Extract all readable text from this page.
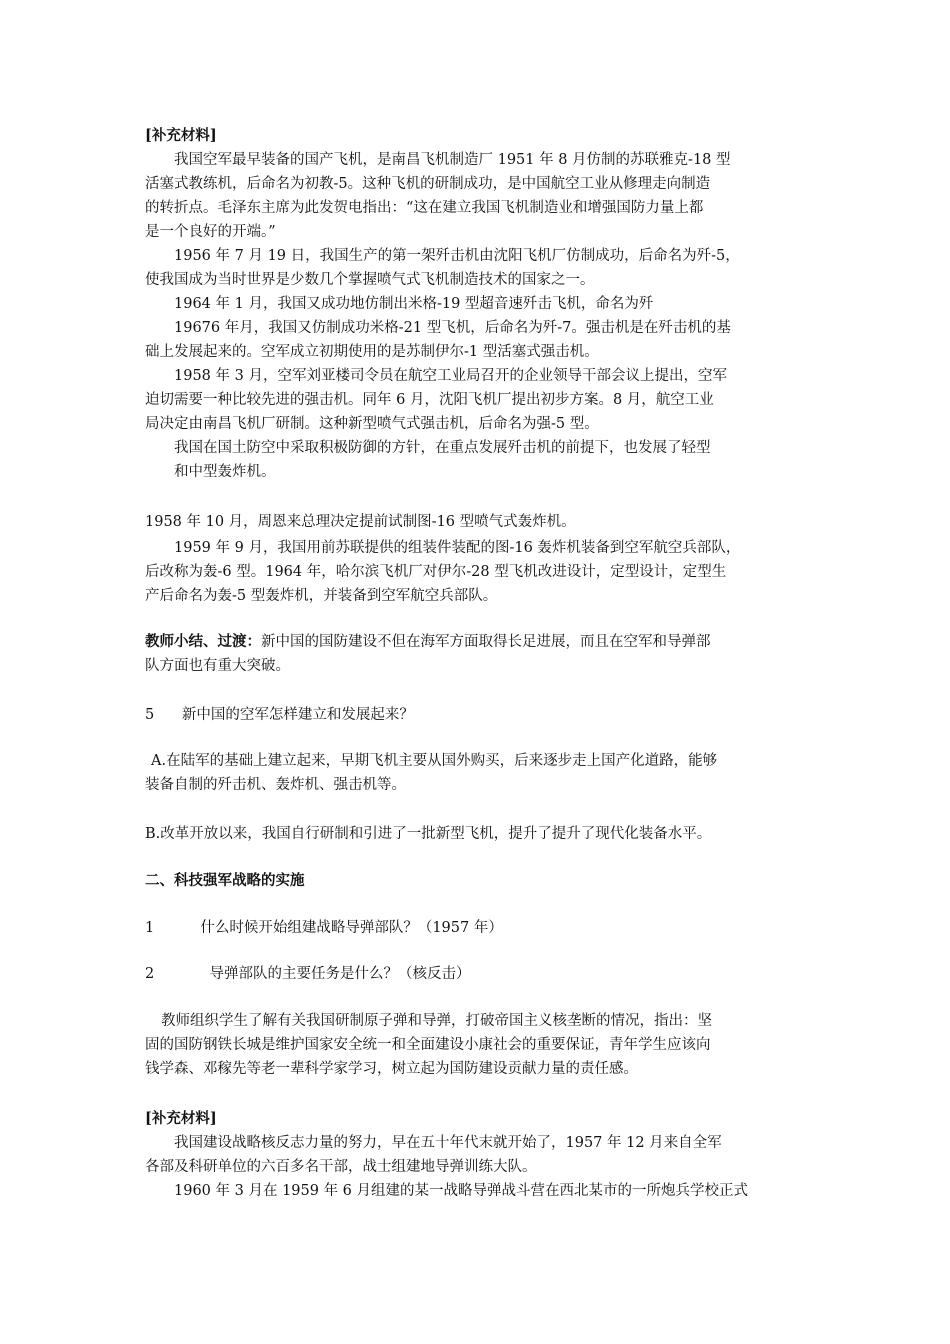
[补充材料]
我国空军最早装备的国产飞机，是南昌飞机制造厂 1951 年 8 月仿制的苏联雅克-18 型
活塞式教练机，后命名为初教-5。这种飞机的研制成功，是中国航空工业从修理走向制造
的转折点。毛泽东主席为此发贺电指出：“这在建立我国飞机制造业和增强国防力量上都
是一个良好的开端。”
1956 年 7 月 19 日，我国生产的第一架歼击机由沈阳飞机厂仿制成功，后命名为歼-5，
使我国成为当时世界是少数几个掌握喷气式飞机制造技术的国家之一。
1964 年 1 月，我国又成功地仿制出米格-19 型超音速歼击飞机，命名为歼
19676 年月，我国又仿制成功米格-21 型飞机，后命名为歼-7。强击机是在歼击机的基
础上发展起来的。空军成立初期使用的是苏制伊尔-1 型活塞式强击机。
1958 年 3 月，空军刘亚楼司令员在航空工业局召开的企业领导干部会议上提出，空军
迫切需要一种比较先进的强击机。同年 6 月，沈阳飞机厂提出初步方案。8 月，航空工业
局决定由南昌飞机厂研制。这种新型喷气式强击机，后命名为强-5 型。
我国在国土防空中采取积极防御的方针，在重点发展歼击机的前提下，也发展了轻型
和中型轰炸机。
1958 年 10 月，周恩来总理决定提前试制图-16 型喷气式轰炸机。
1959 年 9 月，我国用前苏联提供的组装件装配的图-16 轰炸机装备到空军航空兵部队，
后改称为轰-6 型。1964 年，哈尔滨飞机厂对伊尔-28 型飞机改进设计，定型设计，定型生
产后命名为轰-5 型轰炸机，并装备到空军航空兵部队。
教师小结、过渡：新中国的国防建设不但在海军方面取得长足进展，而且在空军和导弹部
队方面也有重大突破。
5      新中国的空军怎样建立和发展起来？
A.在陆军的基础上建立起来，早期飞机主要从国外购买，后来逐步走上国产化道路，能够
装备自制的歼击机、轰炸机、强击机等。
B.改革开放以来，我国自行研制和引进了一批新型飞机，提升了提升了现代化装备水平。
二、科技强军战略的实施
1          什么时候开始组建战略导弹部队？（1957 年）
2            导弹部队的主要任务是什么？（核反击）
教师组织学生了解有关我国研制原子弹和导弹，打破帝国主义核垄断的情况，指出：坚
固的国防钢铁长城是维护国家安全统一和全面建设小康社会的重要保证，青年学生应该向
钱学森、邓稼先等老一辈科学家学习，树立起为国防建设贡献力量的责任感。
[补充材料]
我国建设战略核反志力量的努力，早在五十年代末就开始了，1957 年 12 月来自全军
各部及科研单位的六百多名干部，战士组建地导弹训练大队。
1960 年 3 月在 1959 年 6 月组建的某一战略导弹战斗营在西北某市的一所炮兵学校正式
